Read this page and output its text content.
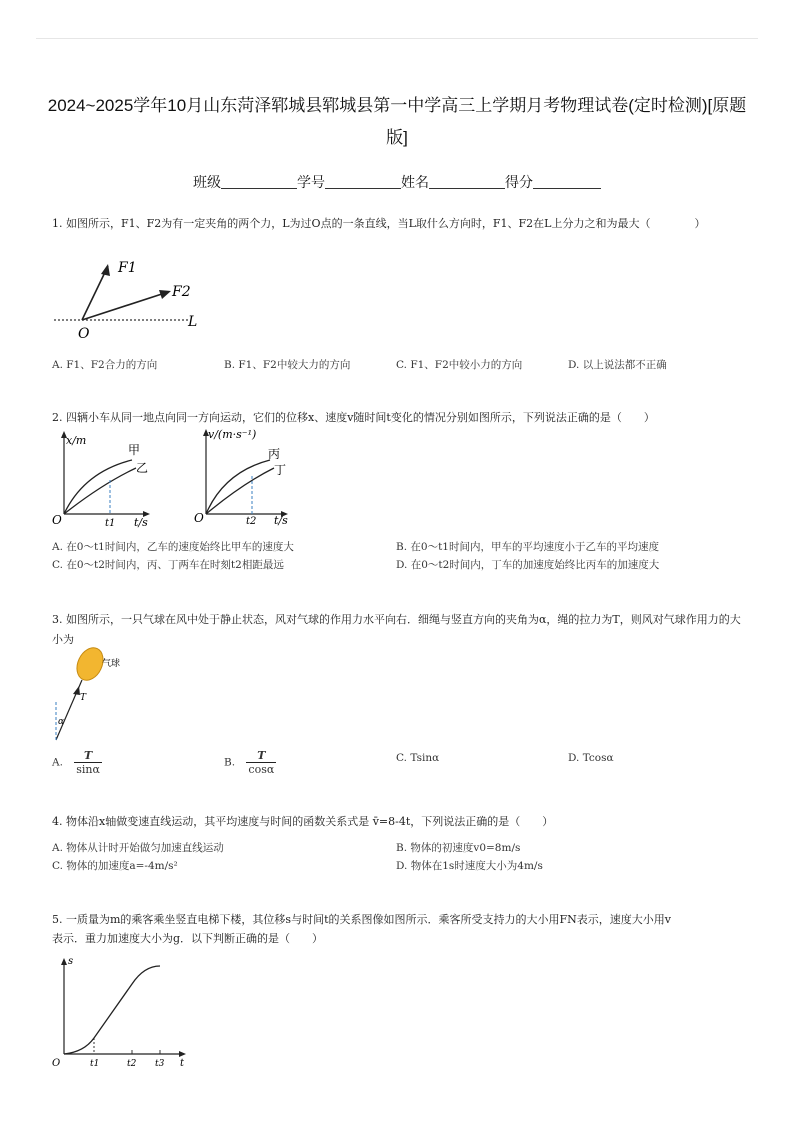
2024~2025学年10月山东菏泽郓城县郓城县第一中学高三上学期月考物理试卷(定时检测)[原题
版]
班级	学号	姓名	得分
1. 如图所示，F1、F2为有一定夹角的两个力，L为过O点的一条直线，当L取什么方向时，F1、F2在L上分力之和为最大（　　　　）
F1
F2
O
L
A. F1、F2合力的方向	B. F1、F2中较大力的方向	C. F1、F2中较小力的方向	D. 以上说法都不正确
2. 四辆小车从同一地点向同一方向运动，它们的位移x、速度v随时间t变化的情况分别如图所示，下列说法正确的是（　　）
x/m
t/s
t1
O
甲
乙
v/(m·s⁻¹)
t/s
t2
O
丙
丁
A. 在0～t1时间内，乙车的速度始终比甲车的速度大	B. 在0～t1时间内，甲车的平均速度小于乙车的平均速度
C. 在0～t2时间内，丙、丁两车在时刻t2相距最远	D. 在0～t2时间内，丁车的加速度始终比丙车的加速度大
3. 如图所示，一只气球在风中处于静止状态，风对气球的作用力水平向右．细绳与竖直方向的夹角为α，绳的拉力为T，则风对气球作用力的大小为
气球
T
α
A. $\frac{T}{\sin\alpha}$	B. $\frac{T}{\cos\alpha}$	C. Tsinα	D. Tcosα
4. 物体沿x轴做变速直线运动，其平均速度与时间的函数关系式是 v̄=8-4t，下列说法正确的是（　　）
A. 物体从计时开始做匀加速直线运动	B. 物体的初速度v0=8m/s
C. 物体的加速度a=-4m/s²	D. 物体在1s时速度大小为4m/s
5. 一质量为m的乘客乘坐竖直电梯下楼，其位移s与时间t的关系图像如图所示．乘客所受支持力的大小用FN表示，速度大小用v
表示．重力加速度大小为g．以下判断正确的是（　　）
s
t
O	t1	t2 t3
